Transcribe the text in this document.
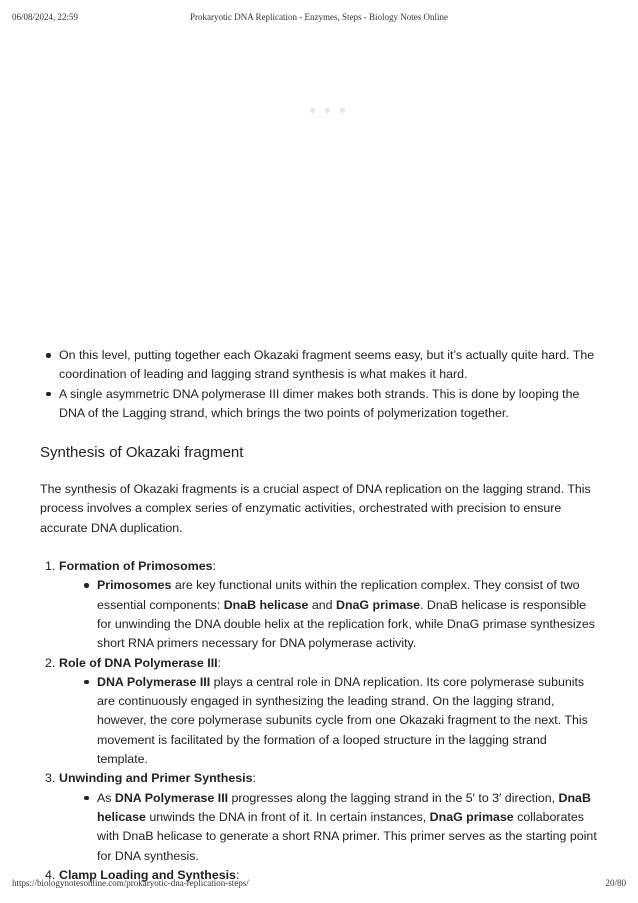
06/08/2024, 22:59	Prokaryotic DNA Replication - Enzymes, Steps - Biology Notes Online
On this level, putting together each Okazaki fragment seems easy, but it’s actually quite hard. The coordination of leading and lagging strand synthesis is what makes it hard.
A single asymmetric DNA polymerase III dimer makes both strands. This is done by looping the DNA of the Lagging strand, which brings the two points of polymerization together.
Synthesis of Okazaki fragment

The synthesis of Okazaki fragments is a crucial aspect of DNA replication on the lagging strand. This process involves a complex series of enzymatic activities, orchestrated with precision to ensure accurate DNA duplication.

1. Formation of Primosomes:
Primosomes are key functional units within the replication complex. They consist of two essential components: DnaB helicase and DnaG primase. DnaB helicase is responsible for unwinding the DNA double helix at the replication fork, while DnaG primase synthesizes short RNA primers necessary for DNA polymerase activity.
2. Role of DNA Polymerase III:
DNA Polymerase III plays a central role in DNA replication. Its core polymerase subunits are continuously engaged in synthesizing the leading strand. On the lagging strand, however, the core polymerase subunits cycle from one Okazaki fragment to the next. This movement is facilitated by the formation of a looped structure in the lagging strand template.
3. Unwinding and Primer Synthesis:
As DNA Polymerase III progresses along the lagging strand in the 5′ to 3′ direction, DnaB helicase unwinds the DNA in front of it. In certain instances, DnaG primase collaborates with DnaB helicase to generate a short RNA primer. This primer serves as the starting point for DNA synthesis.
4. Clamp Loading and Synthesis:
https://biologynotesonline.com/prokaryotic-dna-replication-steps/	20/80
